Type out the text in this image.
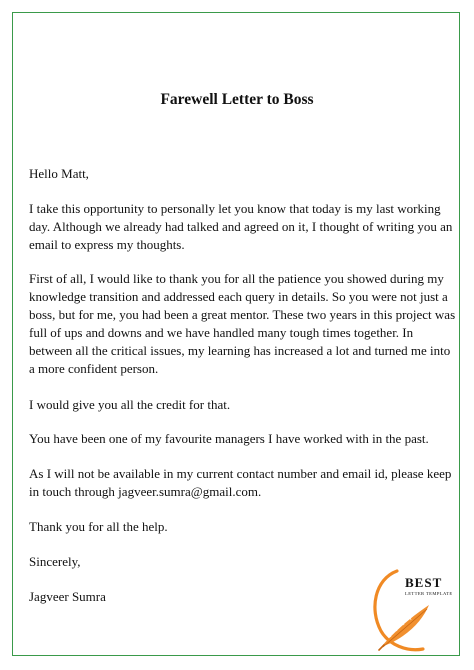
Farewell Letter to Boss

Hello Matt,

I take this opportunity to personally let you know that today is my last working
day. Although we already had talked and agreed on it, I thought of writing you an
email to express my thoughts.

First of all, I would like to thank you for all the patience you showed during my
knowledge transition and addressed each query in details. So you were not just a
boss, but for me, you had been a great mentor. These two years in this project was
full of ups and downs and we have handled many tough times together. In
between all the critical issues, my learning has increased a lot and turned me into
a more confident person.

I would give you all the credit for that.

You have been one of my favourite managers I have worked with in the past.

As I will not be available in my current contact number and email id, please keep
in touch through jagveer.sumra@gmail.com.

Thank you for all the help.

Sincerely,

Jagveer Sumra

BEST
LETTER TEMPLATE
